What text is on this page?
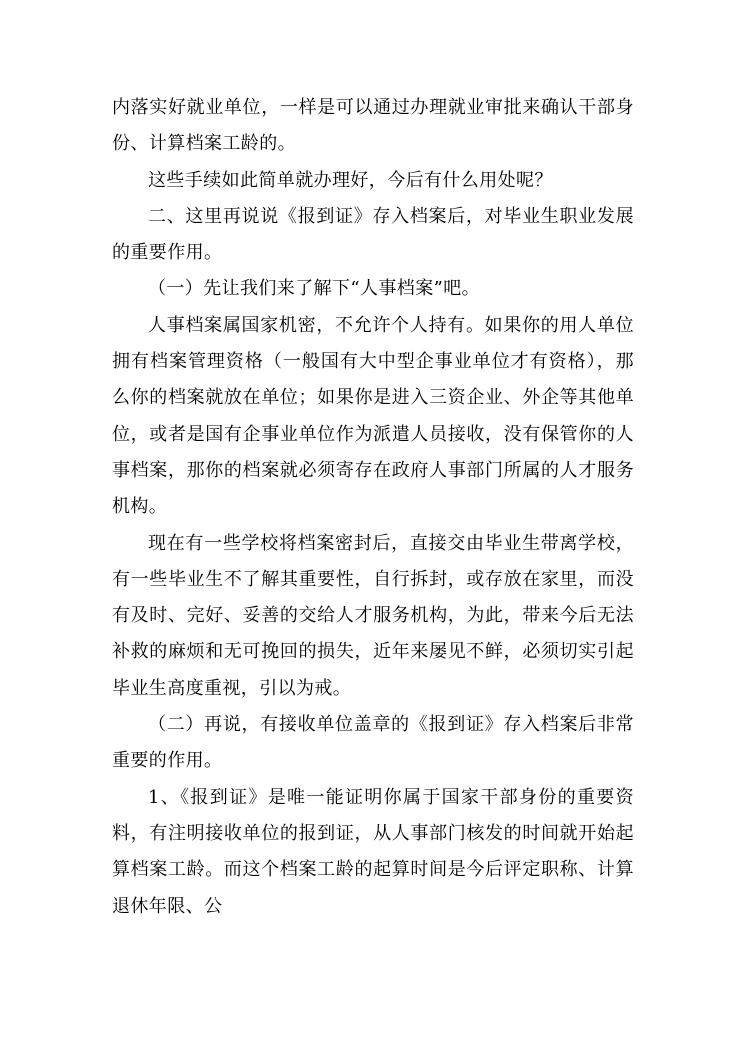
内落实好就业单位，一样是可以通过办理就业审批来确认干部身份、计算档案工龄的。

这些手续如此简单就办理好，今后有什么用处呢？

二、这里再说说《报到证》存入档案后，对毕业生职业发展的重要作用。

（一）先让我们来了解下“人事档案”吧。

人事档案属国家机密，不允许个人持有。如果你的用人单位拥有档案管理资格（一般国有大中型企事业单位才有资格），那么你的档案就放在单位；如果你是进入三资企业、外企等其他单位，或者是国有企事业单位作为派遣人员接收，没有保管你的人事档案，那你的档案就必须寄存在政府人事部门所属的人才服务机构。

现在有一些学校将档案密封后，直接交由毕业生带离学校，有一些毕业生不了解其重要性，自行拆封，或存放在家里，而没有及时、完好、妥善的交给人才服务机构，为此，带来今后无法补救的麻烦和无可挽回的损失，近年来屡见不鲜，必须切实引起毕业生高度重视，引以为戒。

（二）再说，有接收单位盖章的《报到证》存入档案后非常重要的作用。

1、《报到证》是唯一能证明你属于国家干部身份的重要资料，有注明接收单位的报到证，从人事部门核发的时间就开始起算档案工龄。而这个档案工龄的起算时间是今后评定职称、计算退休年限、公
